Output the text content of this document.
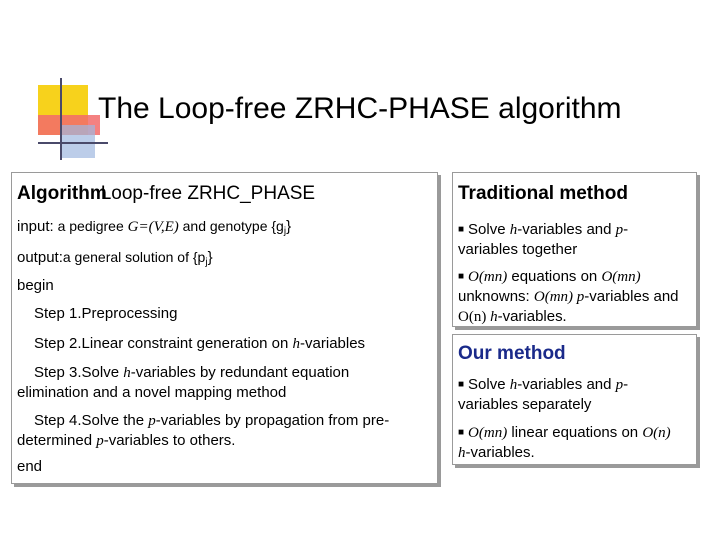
The Loop-free ZRHC-PHASE algorithm
AlgorithmLoop-free ZRHC_PHASE
input: a pedigree G=(V,E) and genotype $\{g_j\}$
output:a general solution of $\{p_j\}$
begin
Step 1.Preprocessing
Step 2.Linear constraint generation on h-variables
Step 3.Solve h-variables by redundant equation elimination and a novel mapping method
Step 4.Solve the p-variables by propagation from pre-determined p-variables to others.
end
Traditional method
■ Solve h-variables and p-variables together
■ O(mn) equations on O(mn) unknowns: O(mn) p-variables and O(n) h-variables.
Our method
■ Solve h-variables and p-variables separately
■ O(mn) linear equations on O(n) h-variables.
